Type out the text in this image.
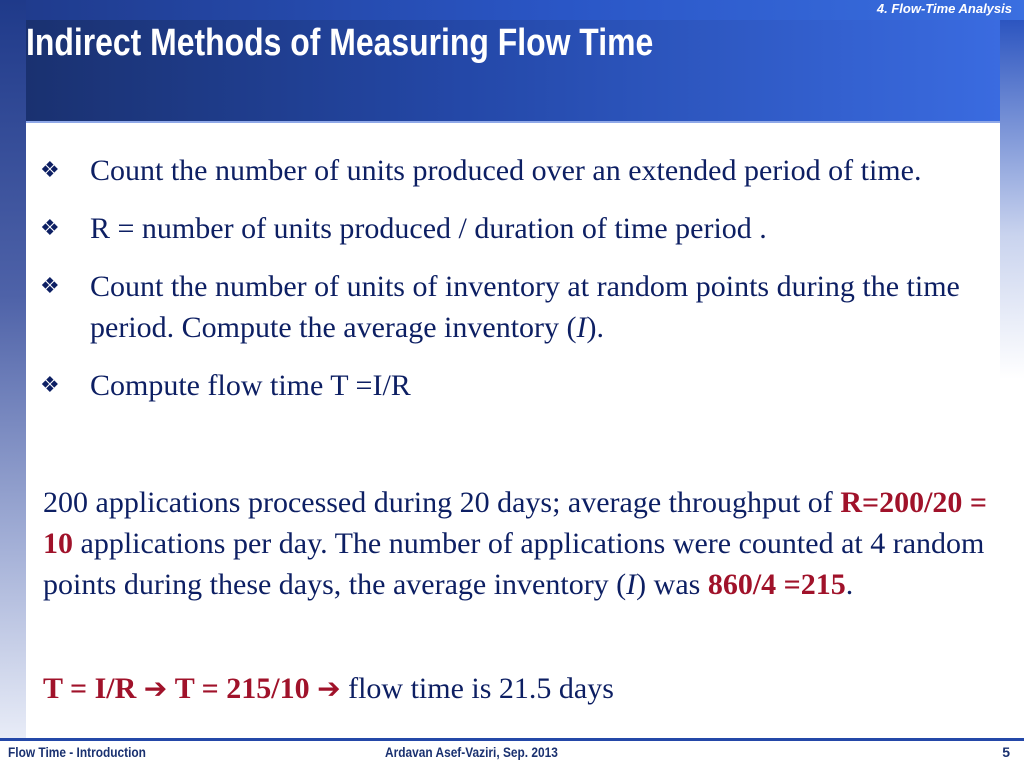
4. Flow-Time Analysis
Indirect Methods of Measuring Flow Time
❖ Count the number of units produced over an extended period of time.
❖ R = number of units produced / duration of time period .
❖ Count the number of units of inventory at random points during the time period. Compute the average inventory (I).
❖ Compute flow time T =I/R
200 applications processed during 20 days; average throughput of R=200/20 = 10 applications per day. The number of applications were counted at 4 random points during these days, the average inventory (I) was 860/4 =215.
T = I/R ➔ T = 215/10 ➔ flow time is 21.5 days
Flow Time - Introduction	Ardavan Asef-Vaziri, Sep. 2013	5
